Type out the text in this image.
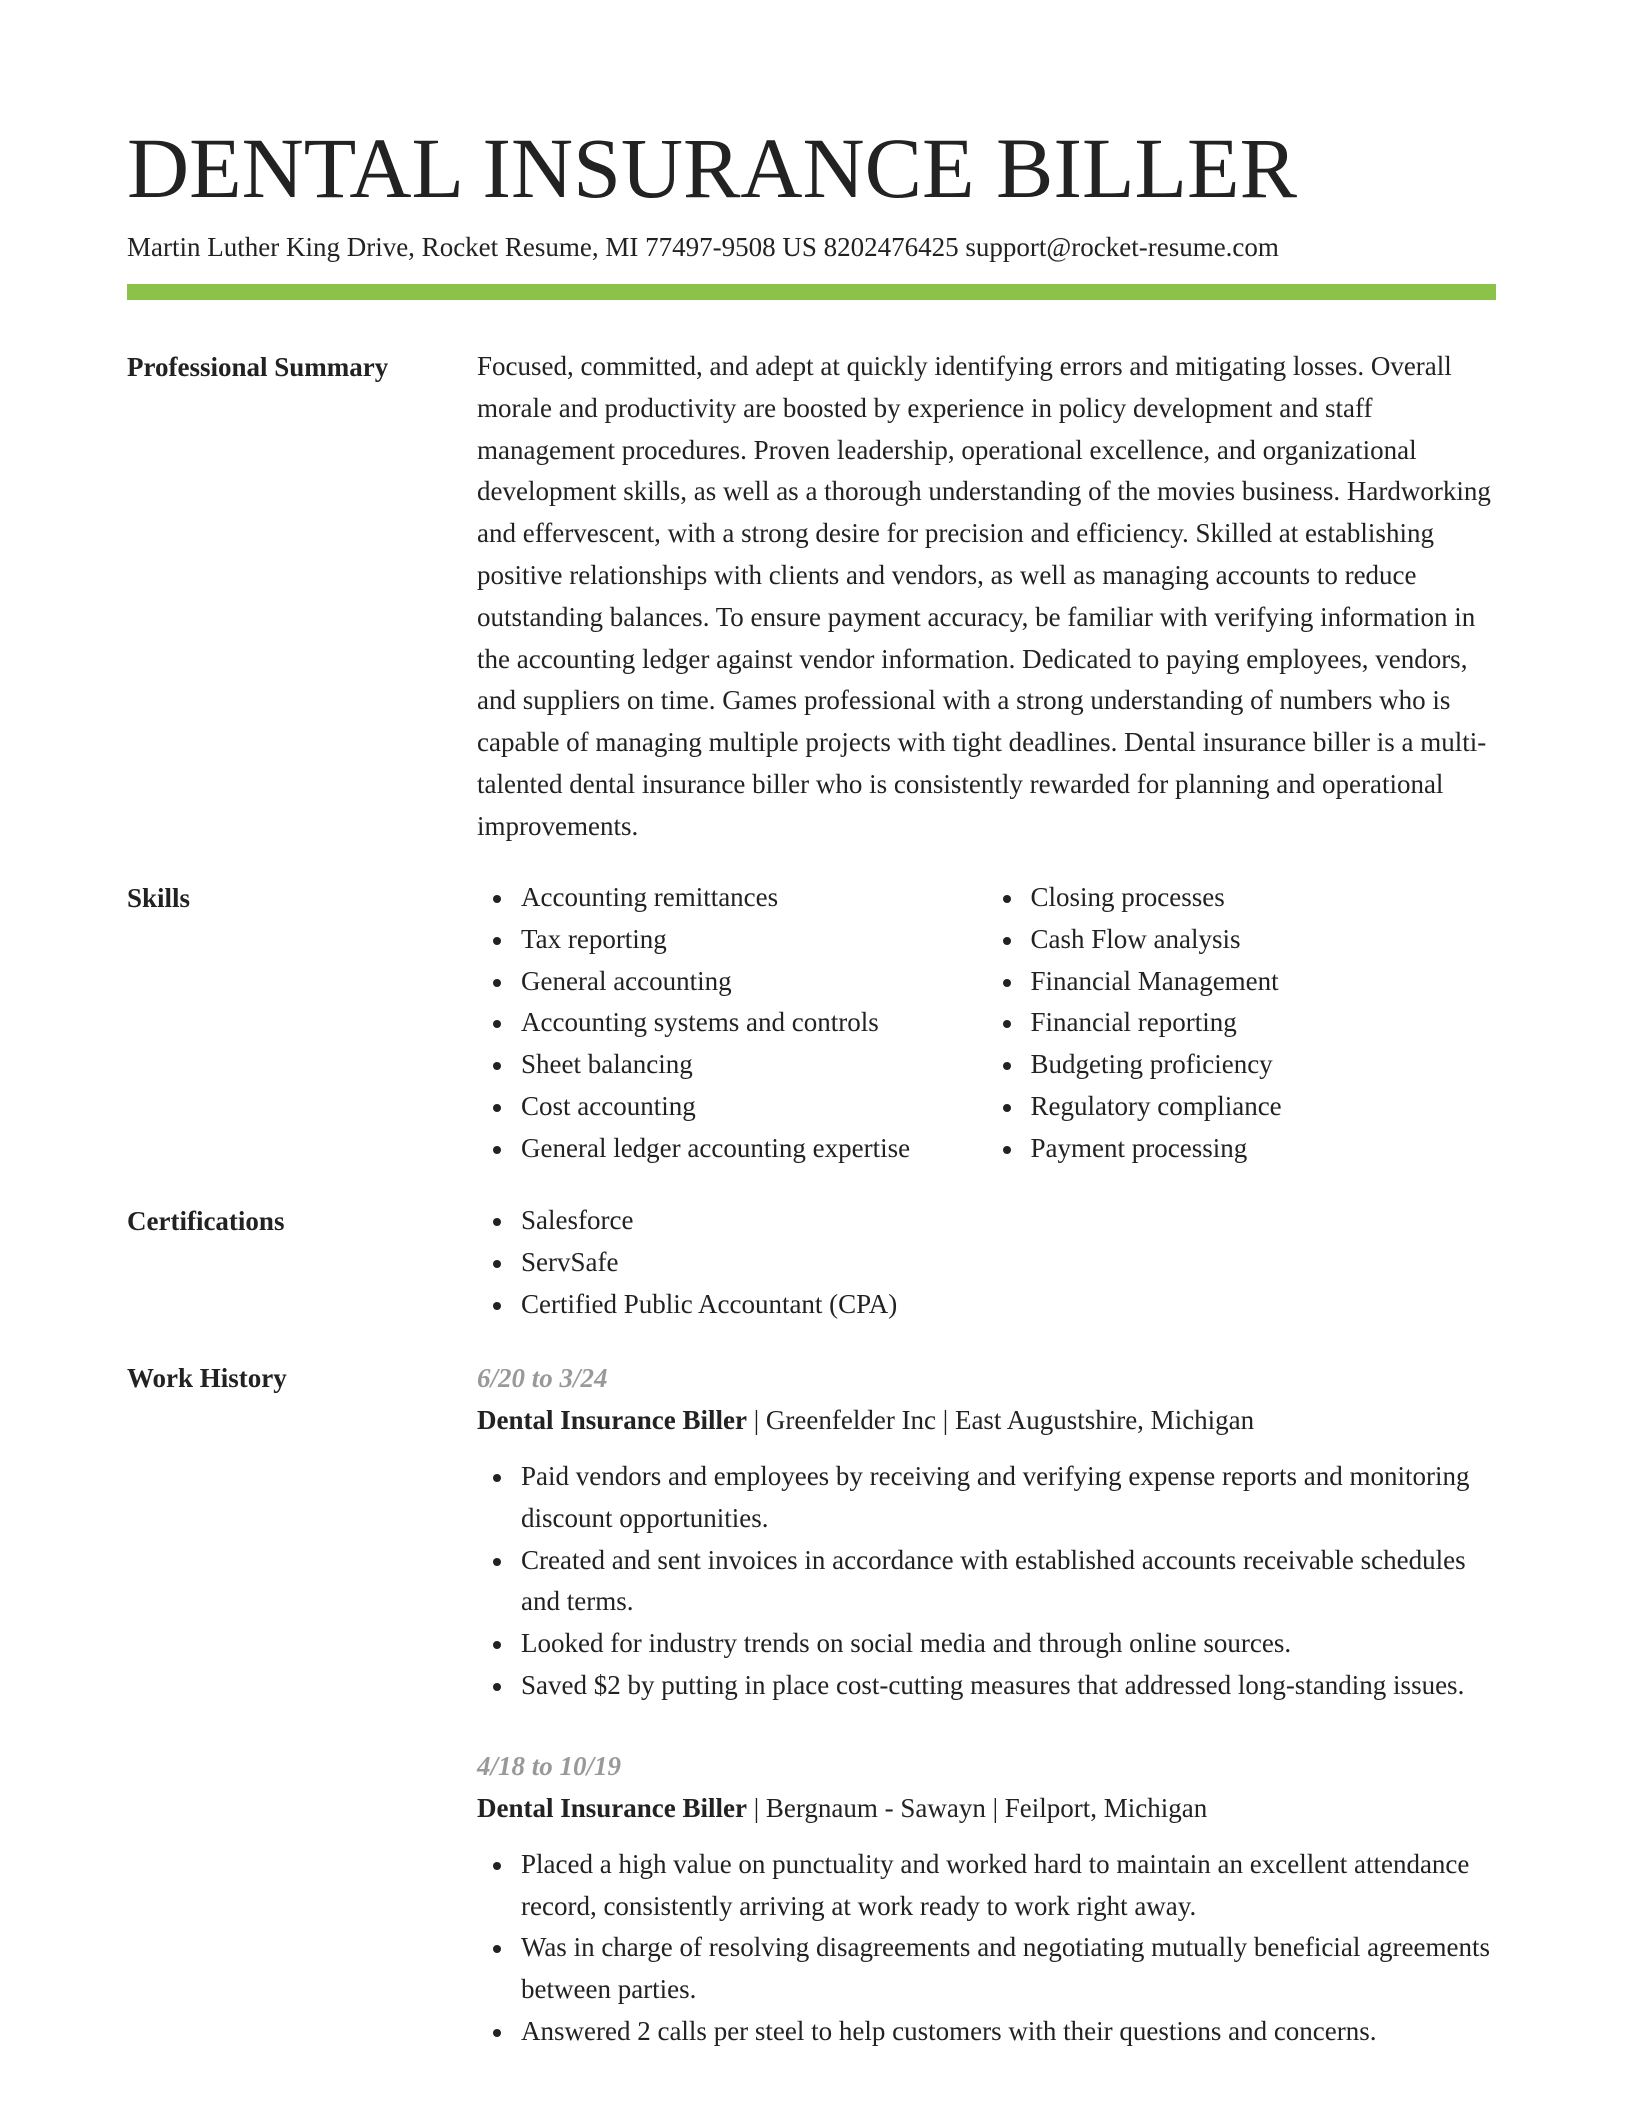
DENTAL INSURANCE BILLER
Martin Luther King Drive, Rocket Resume, MI 77497-9508 US 8202476425 support@rocket-resume.com
Professional Summary	Focused, committed, and adept at quickly identifying errors and mitigating losses. Overall morale and productivity are boosted by experience in policy development and staff management procedures. Proven leadership, operational excellence, and organizational development skills, as well as a thorough understanding of the movies business. Hardworking and effervescent, with a strong desire for precision and efficiency. Skilled at establishing positive relationships with clients and vendors, as well as managing accounts to reduce outstanding balances. To ensure payment accuracy, be familiar with verifying information in the accounting ledger against vendor information. Dedicated to paying employees, vendors, and suppliers on time. Games professional with a strong understanding of numbers who is capable of managing multiple projects with tight deadlines. Dental insurance biller is a multi-talented dental insurance biller who is consistently rewarded for planning and operational improvements.

Skills	Accounting remittances
Tax reporting
General accounting
Accounting systems and controls
Sheet balancing
Cost accounting
General ledger accounting expertise
Closing processes
Cash Flow analysis
Financial Management
Financial reporting
Budgeting proficiency
Regulatory compliance
Payment processing
Certifications	Salesforce
ServSafe
Certified Public Accountant (CPA)
Work History	6/20 to 3/24
Dental Insurance Biller | Greenfelder Inc | East Augustshire, Michigan
Paid vendors and employees by receiving and verifying expense reports and monitoring discount opportunities.
Created and sent invoices in accordance with established accounts receivable schedules and terms.
Looked for industry trends on social media and through online sources.
Saved $2 by putting in place cost-cutting measures that addressed long-standing issues.
4/18 to 10/19
Dental Insurance Biller | Bergnaum - Sawayn | Feilport, Michigan
Placed a high value on punctuality and worked hard to maintain an excellent attendance record, consistently arriving at work ready to work right away.
Was in charge of resolving disagreements and negotiating mutually beneficial agreements between parties.
Answered 2 calls per steel to help customers with their questions and concerns.
